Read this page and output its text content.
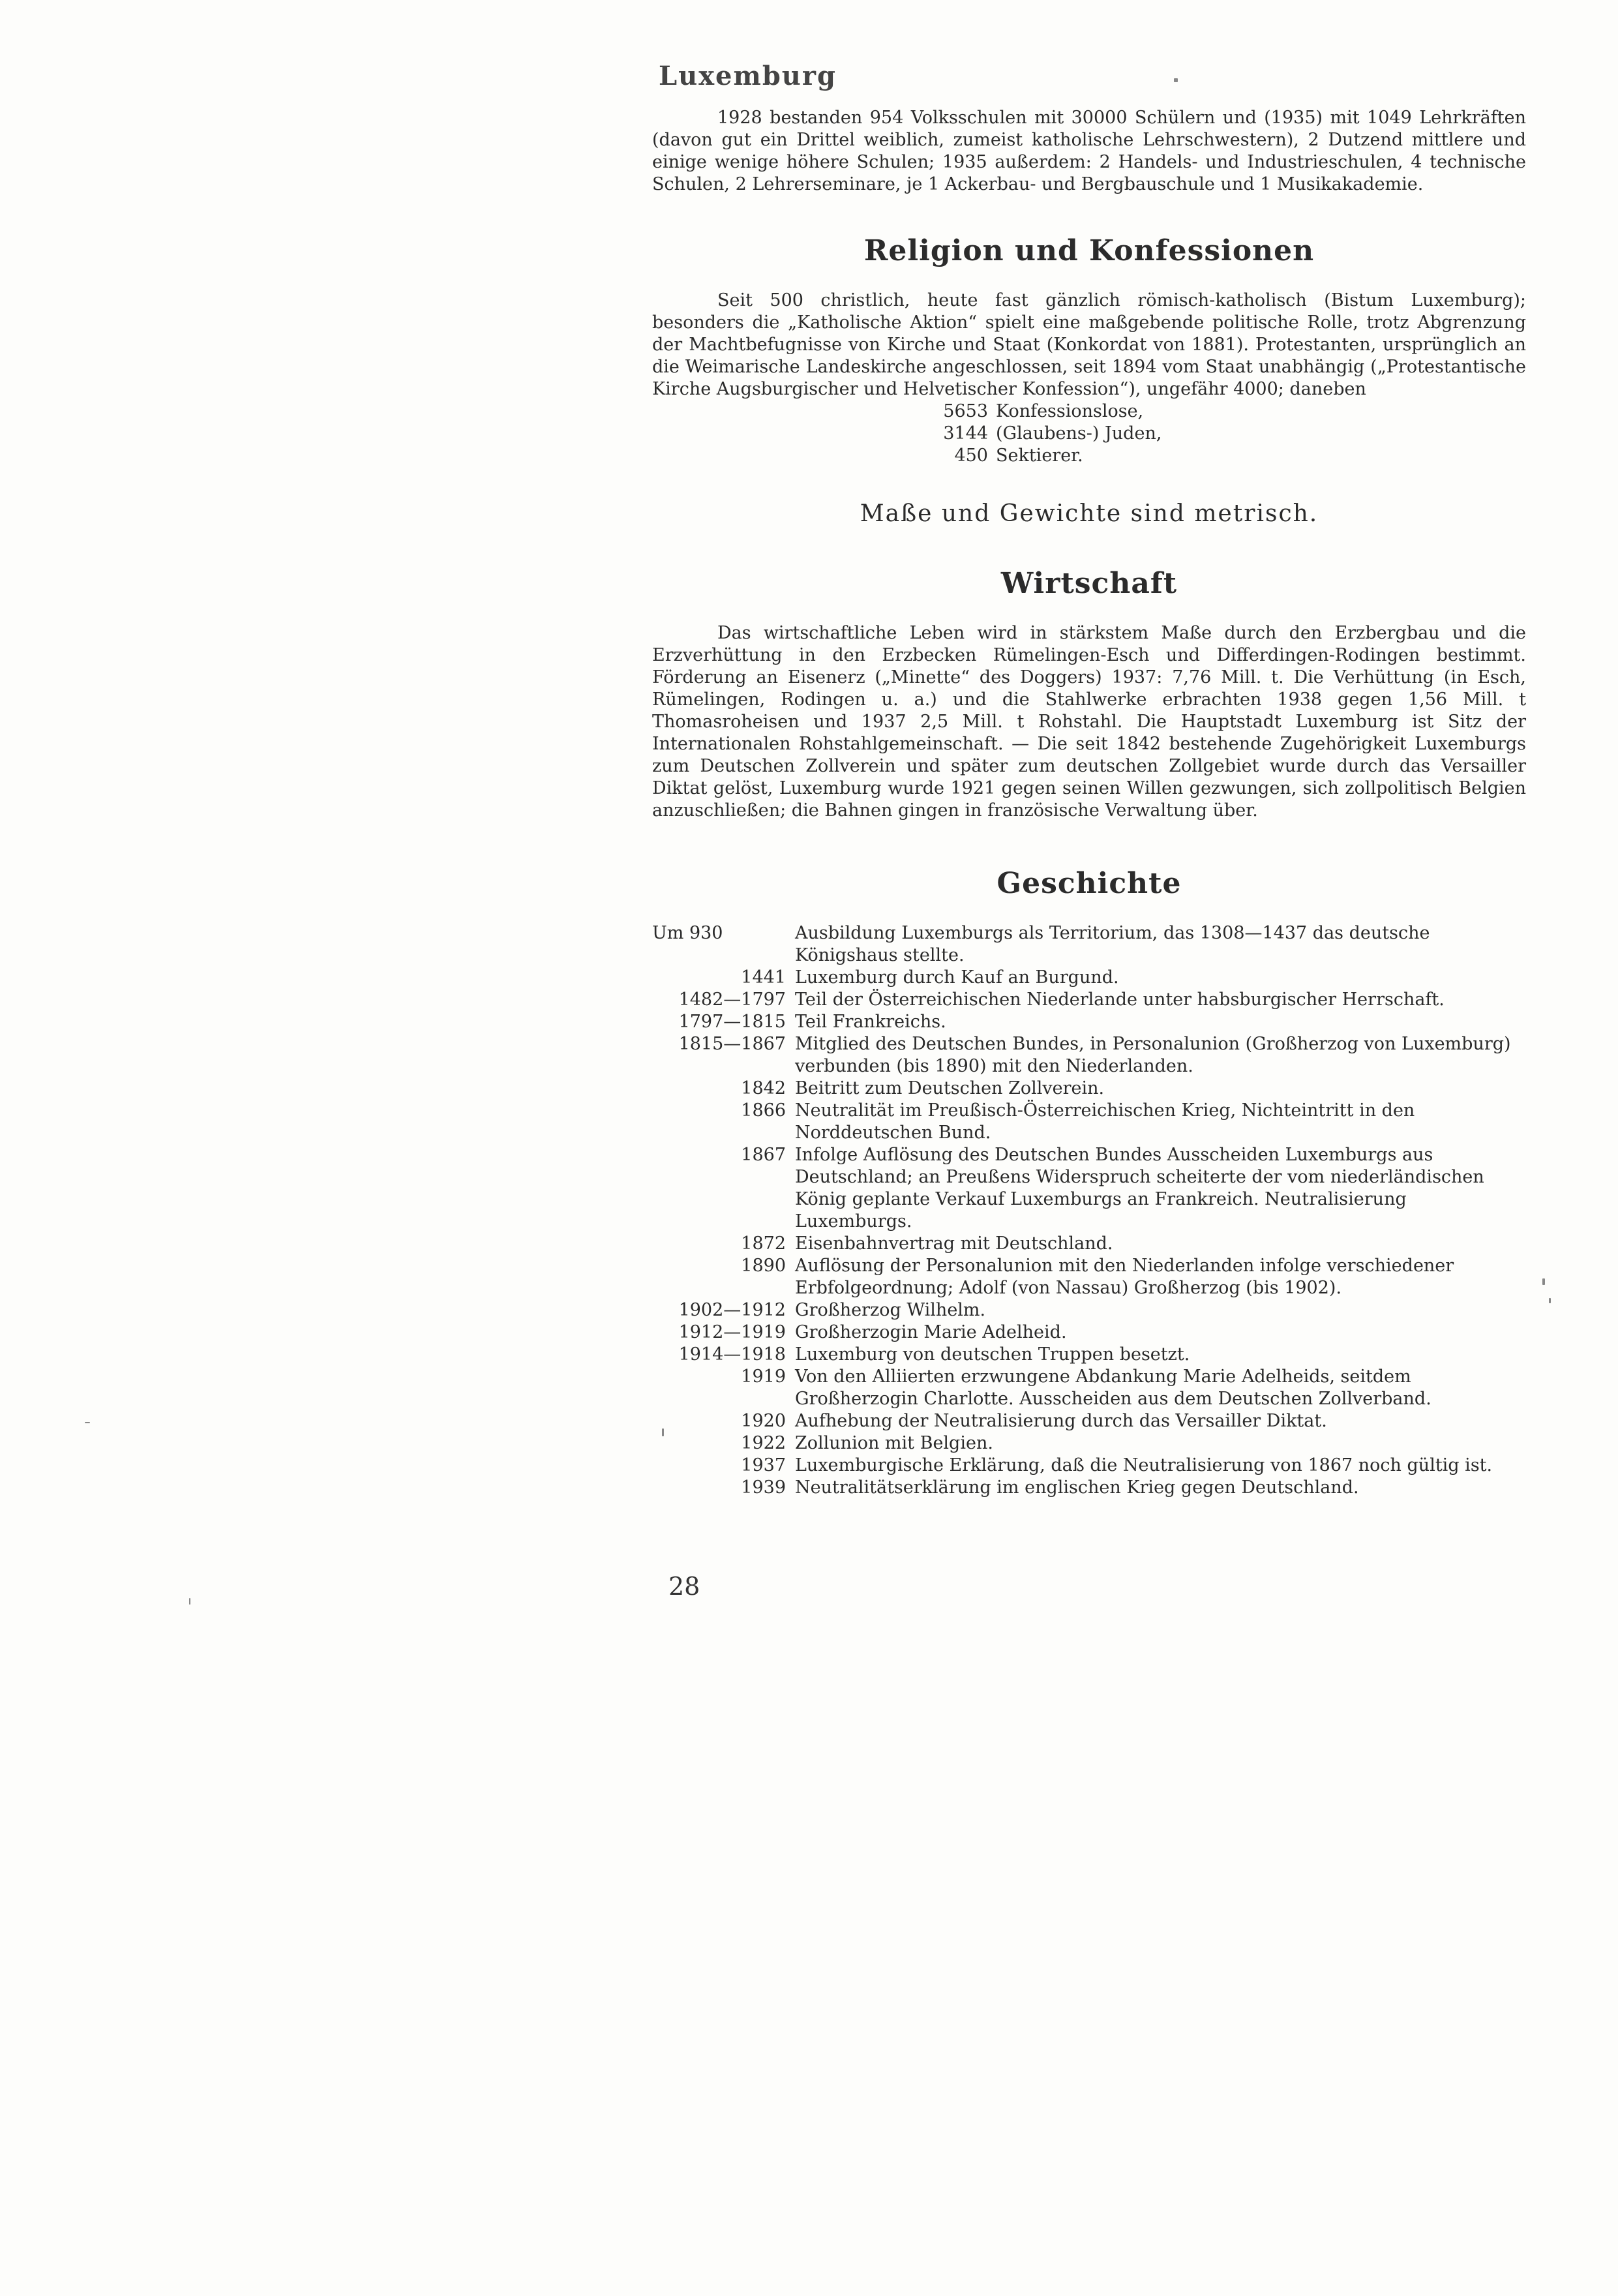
Luxemburg

1928 bestanden 954 Volksschulen mit 30000 Schülern und (1935) mit 1049 Lehrkräften (davon gut ein Drittel weiblich, zumeist katholische Lehrschwestern), 2 Dutzend mittlere und einige wenige höhere Schulen; 1935 außerdem: 2 Handels- und Industrieschulen, 4 technische Schulen, 2 Lehrerseminare, je 1 Ackerbau- und Bergbauschule und 1 Musikakademie.

Religion und Konfessionen

Seit 500 christlich, heute fast gänzlich römisch-katholisch (Bistum Luxemburg); besonders die „Katholische Aktion“ spielt eine maßgebende politische Rolle, trotz Abgrenzung der Machtbefugnisse von Kirche und Staat (Konkordat von 1881). Protestanten, ursprünglich an die Weimarische Landeskirche angeschlossen, seit 1894 vom Staat unabhängig („Protestantische Kirche Augsburgischer und Helvetischer Konfession“), ungefähr 4000; daneben

5653 Konfessionslose,
3144 (Glaubens-) Juden,
450 Sektierer.
Maße und Gewichte sind metrisch.
Wirtschaft

Das wirtschaftliche Leben wird in stärkstem Maße durch den Erzbergbau und die Erzverhüttung in den Erzbecken Rümelingen-Esch und Differdingen-Rodingen bestimmt. Förderung an Eisenerz („Minette“ des Doggers) 1937: 7,76 Mill. t. Die Verhüttung (in Esch, Rümelingen, Rodingen u. a.) und die Stahlwerke erbrachten 1938 gegen 1,56 Mill. t Thomasroheisen und 1937 2,5 Mill. t Rohstahl. Die Hauptstadt Luxemburg ist Sitz der Internationalen Rohstahlgemeinschaft. — Die seit 1842 bestehende Zugehörigkeit Luxemburgs zum Deutschen Zollverein und später zum deutschen Zollgebiet wurde durch das Versailler Diktat gelöst, Luxemburg wurde 1921 gegen seinen Willen gezwungen, sich zollpolitisch Belgien anzuschließen; die Bahnen gingen in französische Verwaltung über.

Geschichte
Um 930	Ausbildung Luxemburgs als Territorium, das 1308—1437 das deutsche Königshaus stellte.
1441 Luxemburg durch Kauf an Burgund.
1482—1797 Teil der Österreichischen Niederlande unter habsburgischer Herrschaft.
1797—1815 Teil Frankreichs.
1815—1867 Mitglied des Deutschen Bundes, in Personalunion (Großherzog von Luxemburg) verbunden (bis 1890) mit den Niederlanden.
1842 Beitritt zum Deutschen Zollverein.
1866 Neutralität im Preußisch-Österreichischen Krieg, Nichteintritt in den Norddeutschen Bund.
1867 Infolge Auflösung des Deutschen Bundes Ausscheiden Luxemburgs aus Deutschland; an Preußens Widerspruch scheiterte der vom niederländischen König geplante Verkauf Luxemburgs an Frankreich. Neutralisierung Luxemburgs.
1872 Eisenbahnvertrag mit Deutschland.
1890 Auflösung der Personalunion mit den Niederlanden infolge verschiedener Erbfolgeordnung; Adolf (von Nassau) Großherzog (bis 1902).
1902—1912 Großherzog Wilhelm.
1912—1919 Großherzogin Marie Adelheid.
1914—1918 Luxemburg von deutschen Truppen besetzt.
1919 Von den Alliierten erzwungene Abdankung Marie Adelheids, seitdem Großherzogin Charlotte. Ausscheiden aus dem Deutschen Zollverband.
1920 Aufhebung der Neutralisierung durch das Versailler Diktat.
1922 Zollunion mit Belgien.
1937 Luxemburgische Erklärung, daß die Neutralisierung von 1867 noch gültig ist.
1939 Neutralitätserklärung im englischen Krieg gegen Deutschland.
28
